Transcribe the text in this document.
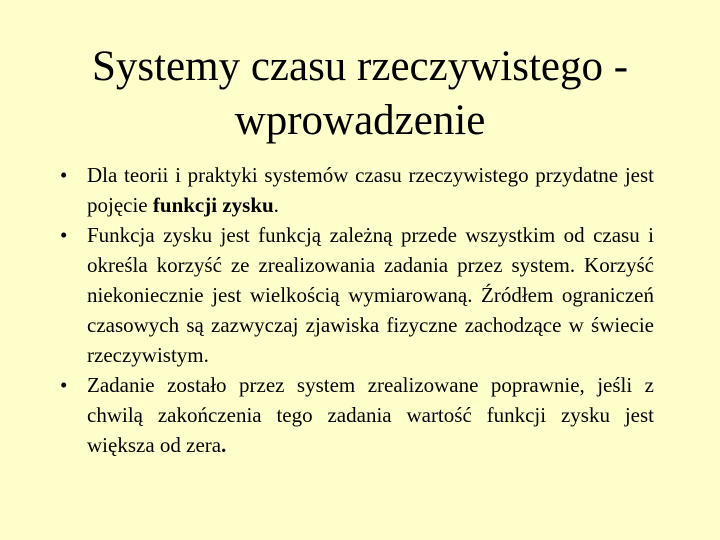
Systemy czasu rzeczywistego -
wprowadzenie
• Dla teorii i praktyki systemów czasu rzeczywistego przydatne jest pojęcie funkcji zysku.
• Funkcja zysku jest funkcją zależną przede wszystkim od czasu i określa korzyść ze zrealizowania zadania przez system. Korzyść niekoniecznie jest wielkością wymiarowaną. Źródłem ograniczeń czasowych są zazwyczaj zjawiska fizyczne zachodzące w świecie rzeczywistym.
• Zadanie zostało przez system zrealizowane poprawnie, jeśli z chwilą zakończenia tego zadania wartość funkcji zysku jest większa od zera.
